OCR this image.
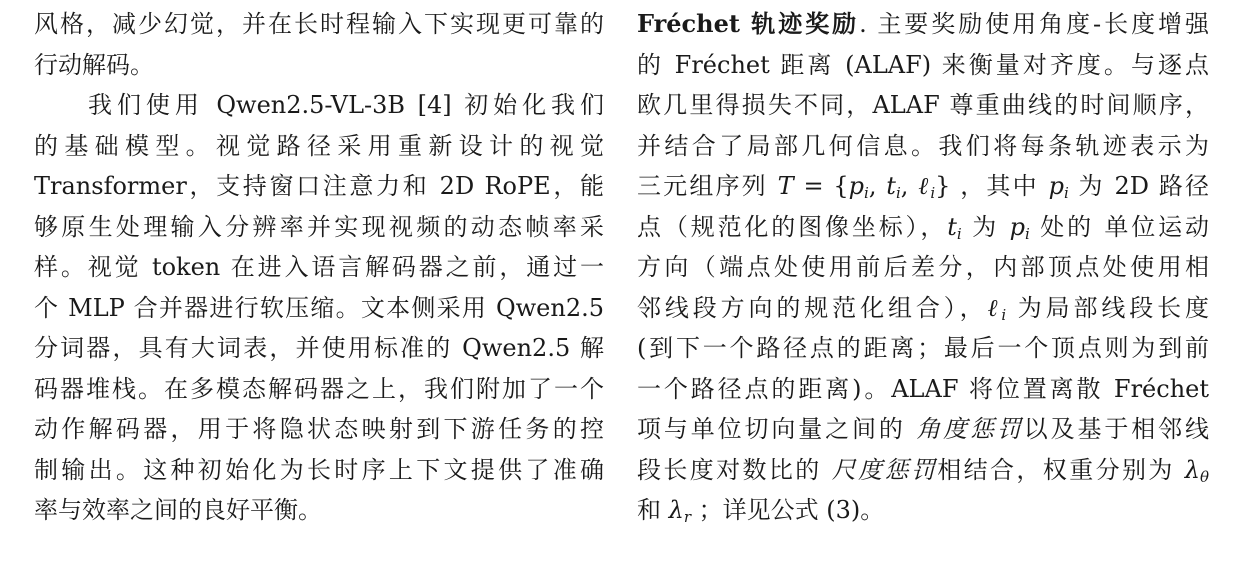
风格，减少幻觉，并在长时程输入下实现更可靠的
行动解码。
我们使用 Qwen2.5-VL-3B [4] 初始化我们
的基础模型。视觉路径采用重新设计的视觉
Transformer，支持窗口注意力和 2D RoPE，能
够原生处理输入分辨率并实现视频的动态帧率采
样。视觉 token 在进入语言解码器之前，通过一
个 MLP 合并器进行软压缩。文本侧采用 Qwen2.5
分词器，具有大词表，并使用标准的 Qwen2.5 解
码器堆栈。在多模态解码器之上，我们附加了一个
动作解码器，用于将隐状态映射到下游任务的控
制输出。这种初始化为长时序上下文提供了准确
率与效率之间的良好平衡。
Fréchet 轨迹奖励. 主要奖励使用角度-长度增强
的 Fréchet 距离 (ALAF) 来衡量对齐度。与逐点
欧几里得损失不同，ALAF 尊重曲线的时间顺序，
并结合了局部几何信息。我们将每条轨迹表示为
三元组序列 $T = \{p_i$, $t_i$, ℓ$_i$} ，其中 $p_i$ 为 2D 路径
点（规范化的图像坐标），$t_i$ 为 $p_i$ 处的 单位运动
方向（端点处使用前后差分，内部顶点处使用相
邻线段方向的规范化组合），ℓ$_i$ 为局部线段长度
(到下一个路径点的距离；最后一个顶点则为到前
一个路径点的距离)。ALAF 将位置离散 Fréchet
项与单位切向量之间的 角度惩罚以及基于相邻线
段长度对数比的 尺度惩罚相结合，权重分别为 $\lambda_\theta$
和 $\lambda_r$ ；详见公式 (3)。
